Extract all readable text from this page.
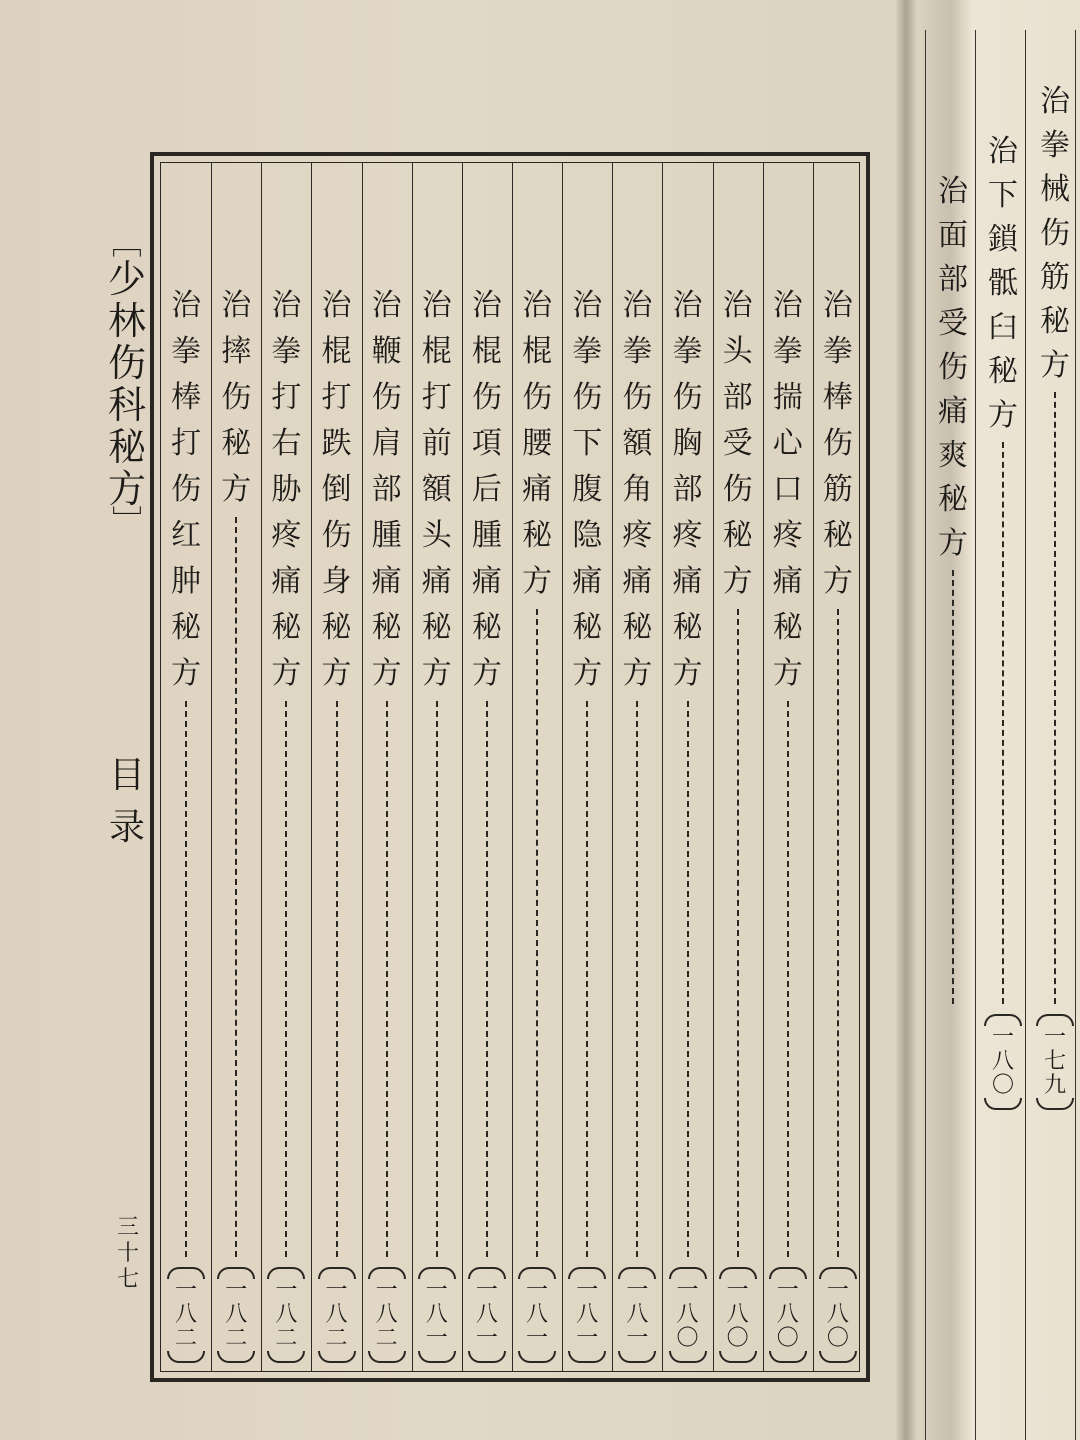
﹇
少
林
伤
科
秘
方
﹈
目
录
三
十
七
治
拳
棒
伤
筋
秘
方
一
八
〇
治
拳
揣
心
口
疼
痛
秘
方
一
八
〇
治
头
部
受
伤
秘
方
一
八
〇
治
拳
伤
胸
部
疼
痛
秘
方
一
八
〇
治
拳
伤
額
角
疼
痛
秘
方
一
八
一
治
拳
伤
下
腹
隐
痛
秘
方
一
八
一
治
棍
伤
腰
痛
秘
方
一
八
一
治
棍
伤
項
后
腫
痛
秘
方
一
八
一
治
棍
打
前
額
头
痛
秘
方
一
八
一
治
鞭
伤
肩
部
腫
痛
秘
方
一
八
二
治
棍
打
跌
倒
伤
身
秘
方
一
八
二
治
拳
打
右
胁
疼
痛
秘
方
一
八
二
治
摔
伤
秘
方
一
八
二
治
拳
棒
打
伤
红
肿
秘
方
一
八
二
治
拳
械
伤
筋
秘
方
一
七
九
治
下
鎖
骶
臼
秘
方
一
八
〇
治
面
部
受
伤
痛
爽
秘
方
